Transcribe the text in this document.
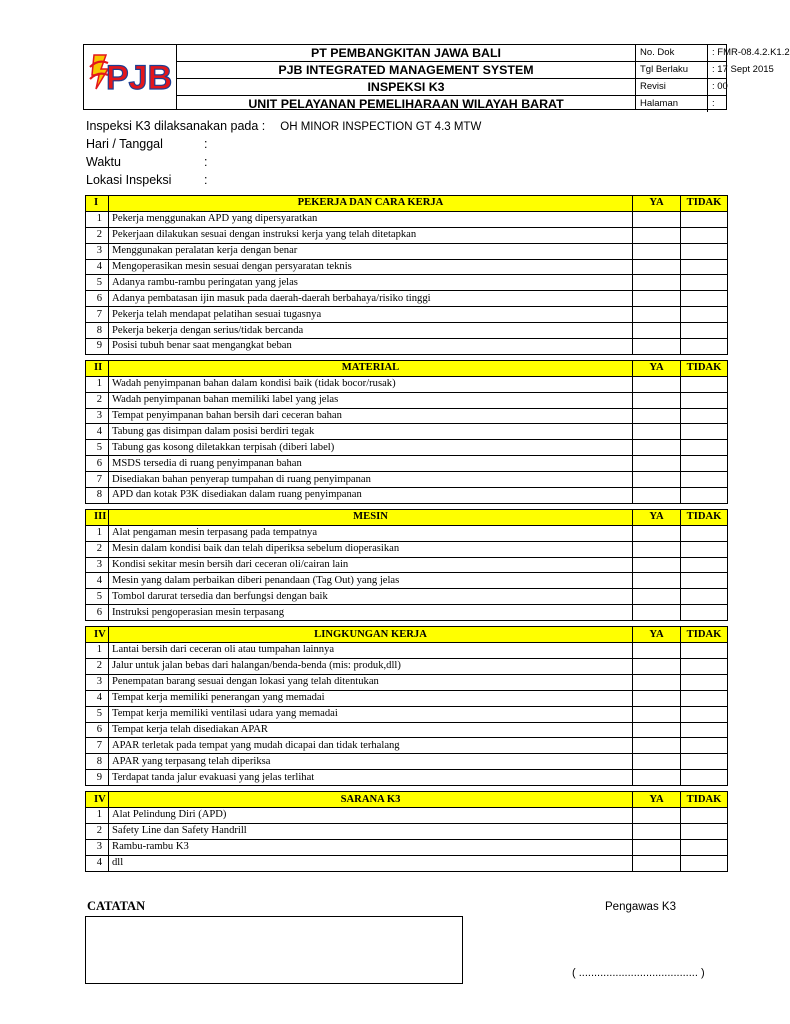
PJB
PT PEMBANGKITAN JAWA BALI
PJB INTEGRATED MANAGEMENT SYSTEM
INSPEKSI K3
UNIT PELAYANAN PEMELIHARAAN WILAYAH BARAT
No. Dok	: FMR-08.4.2.K1.2
Tgl Berlaku	: 17 Sept 2015
Revisi	: 00
Halaman	:
Inspeksi K3 dilaksanakan pada : OH MINOR INSPECTION GT 4.3 MTW
Hari / Tanggal	:
Waktu	:
Lokasi Inspeksi	:
I	PEKERJA DAN CARA KERJA	YA	TIDAK
1	Pekerja menggunakan APD yang dipersyaratkan		
2	Pekerjaan dilakukan sesuai dengan instruksi kerja yang telah ditetapkan		
3	Menggunakan peralatan kerja dengan benar		
4	Mengoperasikan mesin sesuai dengan persyaratan teknis		
5	Adanya rambu-rambu peringatan yang jelas		
6	Adanya pembatasan ijin masuk pada daerah-daerah berbahaya/risiko tinggi		
7	Pekerja telah mendapat pelatihan sesuai tugasnya		
8	Pekerja bekerja dengan serius/tidak bercanda		
9	Posisi tubuh benar saat mengangkat beban		

II	MATERIAL	YA	TIDAK
1	Wadah penyimpanan bahan dalam kondisi baik (tidak bocor/rusak)		
2	Wadah penyimpanan bahan memiliki label yang jelas		
3	Tempat penyimpanan bahan bersih dari ceceran bahan		
4	Tabung gas disimpan dalam posisi berdiri tegak		
5	Tabung gas kosong diletakkan terpisah (diberi label)		
6	MSDS tersedia di ruang penyimpanan bahan		
7	Disediakan bahan penyerap tumpahan di ruang penyimpanan		
8	APD dan kotak P3K disediakan dalam ruang penyimpanan		

III	MESIN	YA	TIDAK
1	Alat pengaman mesin terpasang pada tempatnya		
2	Mesin dalam kondisi baik dan telah diperiksa sebelum dioperasikan		
3	Kondisi sekitar mesin bersih dari ceceran oli/cairan lain		
4	Mesin yang dalam perbaikan diberi penandaan (Tag Out) yang jelas		
5	Tombol darurat tersedia dan berfungsi dengan baik		
6	Instruksi pengoperasian mesin terpasang		

IV	LINGKUNGAN KERJA	YA	TIDAK
1	Lantai bersih dari ceceran oli atau tumpahan lainnya		
2	Jalur untuk jalan bebas dari halangan/benda-benda (mis: produk,dll)		
3	Penempatan barang sesuai dengan lokasi yang telah ditentukan		
4	Tempat kerja memiliki penerangan yang memadai		
5	Tempat kerja memiliki ventilasi udara yang memadai		
6	Tempat kerja telah disediakan APAR		
7	APAR terletak pada tempat yang mudah dicapai dan tidak terhalang		
8	APAR yang terpasang telah diperiksa		
9	Terdapat tanda jalur evakuasi yang jelas terlihat		

IV	SARANA K3	YA	TIDAK
1	Alat Pelindung Diri (APD)		
2	Safety Line dan Safety Handrill		
3	Rambu-rambu K3		
4	dll		
CATATAN	Pengawas K3
( ....................................... )
